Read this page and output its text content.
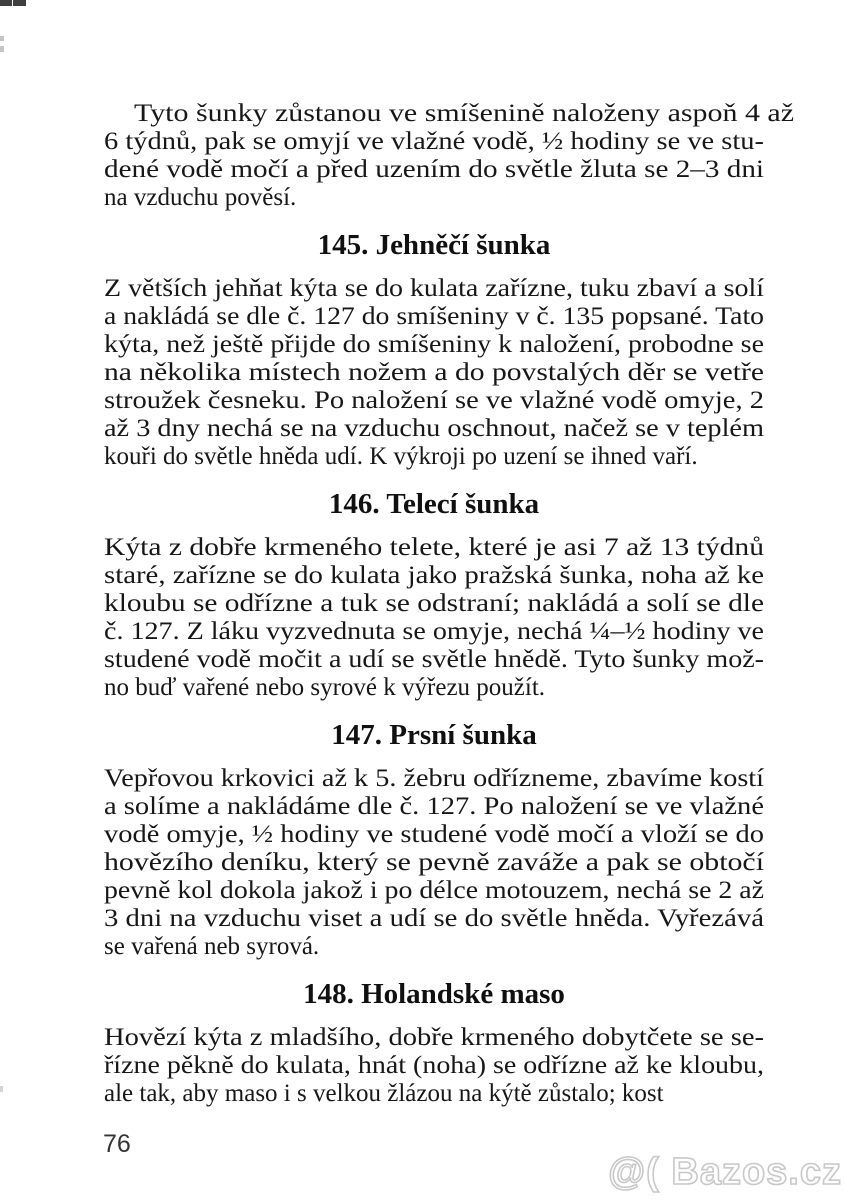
Tyto šunky zůstanou ve smíšenině naloženy aspoň 4 až
6 týdnů, pak se omyjí ve vlažné vodě, ½ hodiny se ve stu-
dené vodě močí a před uzením do světle žluta se 2–3 dni
na vzduchu pověsí.

145. Jehněčí šunka

Z větších jehňat kýta se do kulata zařízne, tuku zbaví a solí
a nakládá se dle č. 127 do smíšeniny v č. 135 popsané. Tato
kýta, než ještě přijde do smíšeniny k naložení, probodne se
na několika místech nožem a do povstalých děr se vetře
stroužek česneku. Po naložení se ve vlažné vodě omyje, 2
až 3 dny nechá se na vzduchu oschnout, načež se v teplém
kouři do světle hněda udí. K výkroji po uzení se ihned vaří.

146. Telecí šunka

Kýta z dobře krmeného telete, které je asi 7 až 13 týdnů
staré, zařízne se do kulata jako pražská šunka, noha až ke
kloubu se odřízne a tuk se odstraní; nakládá a solí se dle
č. 127. Z láku vyzvednuta se omyje, nechá ¼–½ hodiny ve
studené vodě močit a udí se světle hnědě. Tyto šunky mož-
no buď vařené nebo syrové k výřezu použít.

147. Prsní šunka

Vepřovou krkovici až k 5. žebru odřízneme, zbavíme kostí
a solíme a nakládáme dle č. 127. Po naložení se ve vlažné
vodě omyje, ½ hodiny ve studené vodě močí a vloží se do
hovězího deníku, který se pevně zaváže a pak se obtočí
pevně kol dokola jakož i po délce motouzem, nechá se 2 až
3 dni na vzduchu viset a udí se do světle hněda. Vyřezává
se vařená neb syrová.

148. Holandské maso

Hovězí kýta z mladšího, dobře krmeného dobytčete se se-
řízne pěkně do kulata, hnát (noha) se odřízne až ke kloubu,
ale tak, aby maso i s velkou žlázou na kýtě zůstalo; kost

76
@( Bazos.cz
